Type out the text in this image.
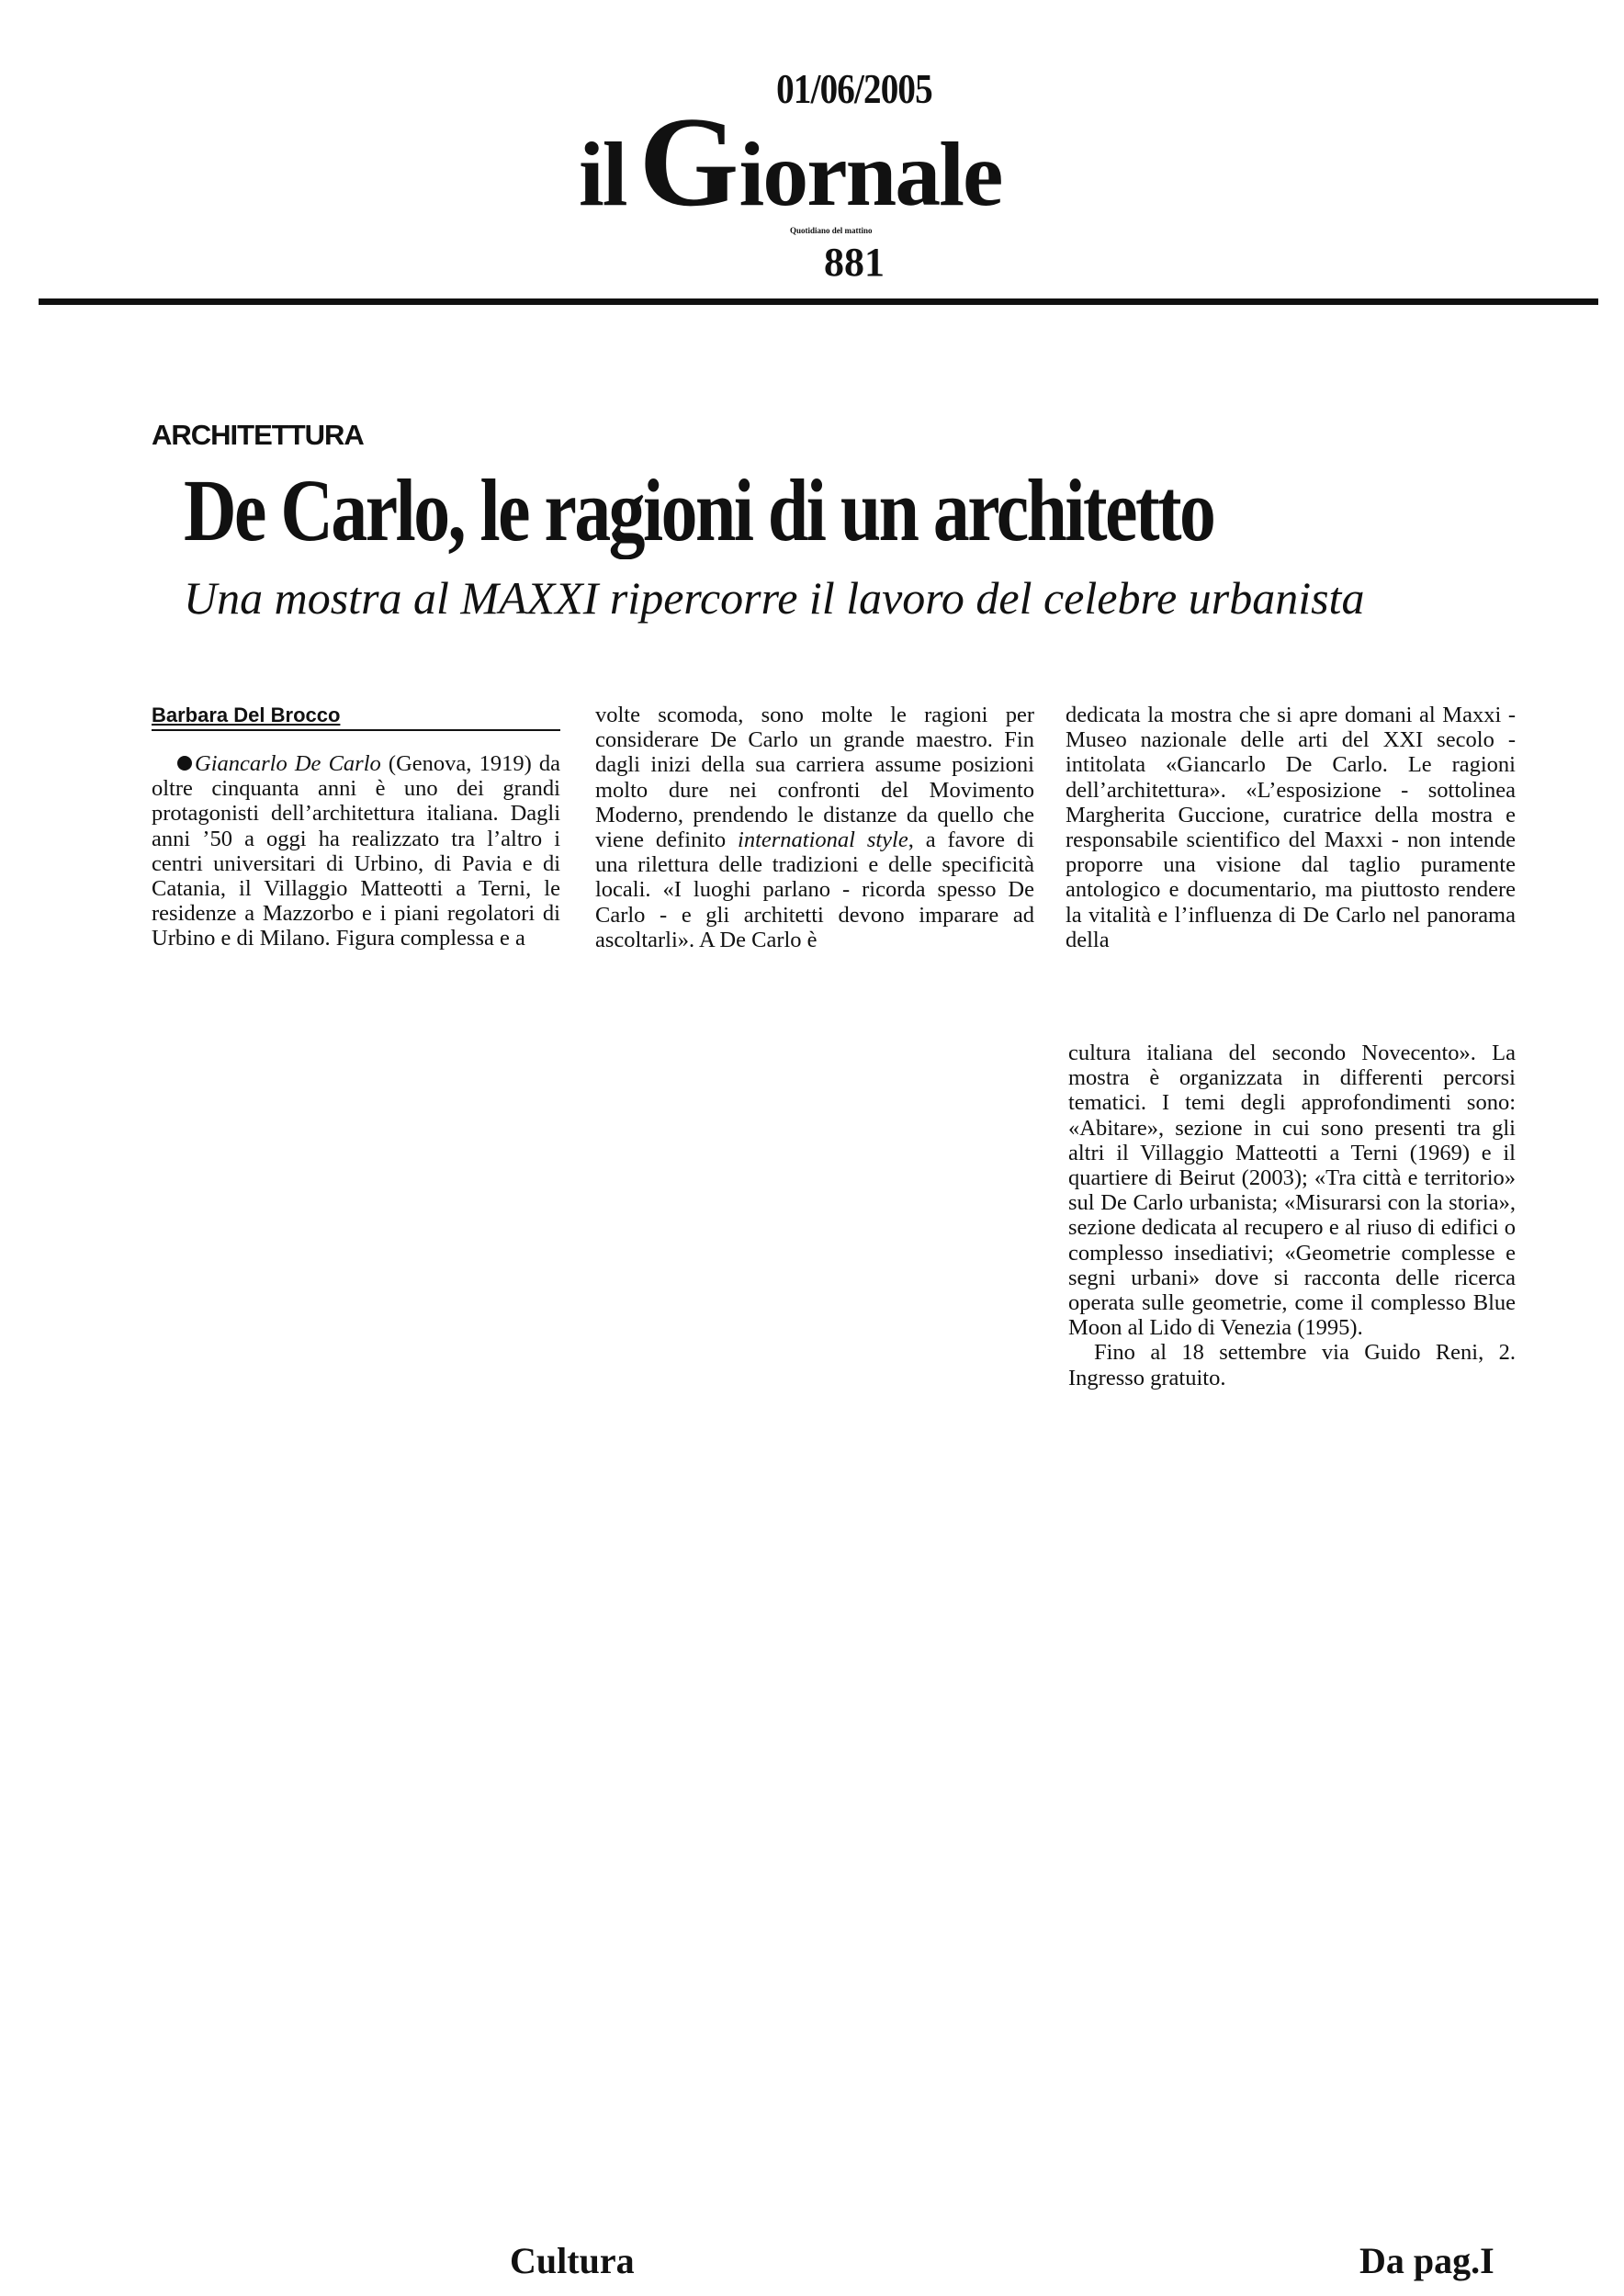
01/06/2005
il Giornale
Quotidiano del mattino
881
ARCHITETTURA
De Carlo, le ragioni di un architetto
Una mostra al MAXXI ripercorre il lavoro del celebre urbanista
Barbara Del Brocco

Giancarlo De Carlo (Genova, 1919) da oltre cinquanta anni è uno dei grandi protagonisti dell’architettura italiana. Dagli anni ’50 a oggi ha realizzato tra l’altro i centri universitari di Urbino, di Pavia e di Catania, il Villaggio Matteotti a Terni, le residenze a Mazzorbo e i piani regolatori di Urbino e di Milano. Figura complessa e a

volte scomoda, sono molte le ragioni per considerare De Carlo un grande maestro. Fin dagli inizi della sua carriera assume posizioni molto dure nei confronti del Movimento Moderno, prendendo le distanze da quello che viene definito international style, a favore di una rilettura delle tradizioni e delle specificità locali. «I luoghi parlano - ricorda spesso De Carlo - e gli architetti devono imparare ad ascoltarli». A De Carlo è

dedicata la mostra che si apre domani al Maxxi - Museo nazionale delle arti del XXI secolo - intitolata «Giancarlo De Carlo. Le ragioni dell’architettura». «L’esposizione - sottolinea Margherita Guccione, curatrice della mostra e responsabile scientifico del Maxxi - non intende proporre una visione dal taglio puramente antologico e documentario, ma piuttosto rendere la vitalità e l’influenza di De Carlo nel panorama della

cultura italiana del secondo Novecento». La mostra è organizzata in differenti percorsi tematici. I temi degli approfondimenti sono: «Abitare», sezione in cui sono presenti tra gli altri il Villaggio Matteotti a Terni (1969) e il quartiere di Beirut (2003); «Tra città e territorio» sul De Carlo urbanista; «Misurarsi con la storia», sezione dedicata al recupero e al riuso di edifici o complesso insediativi; «Geometrie complesse e segni urbani» dove si racconta delle ricerca operata sulle geometrie, come il complesso Blue Moon al Lido di Venezia (1995).

Fino al 18 settembre via Guido Reni, 2. Ingresso gratuito.

Cultura	Da pag.I
